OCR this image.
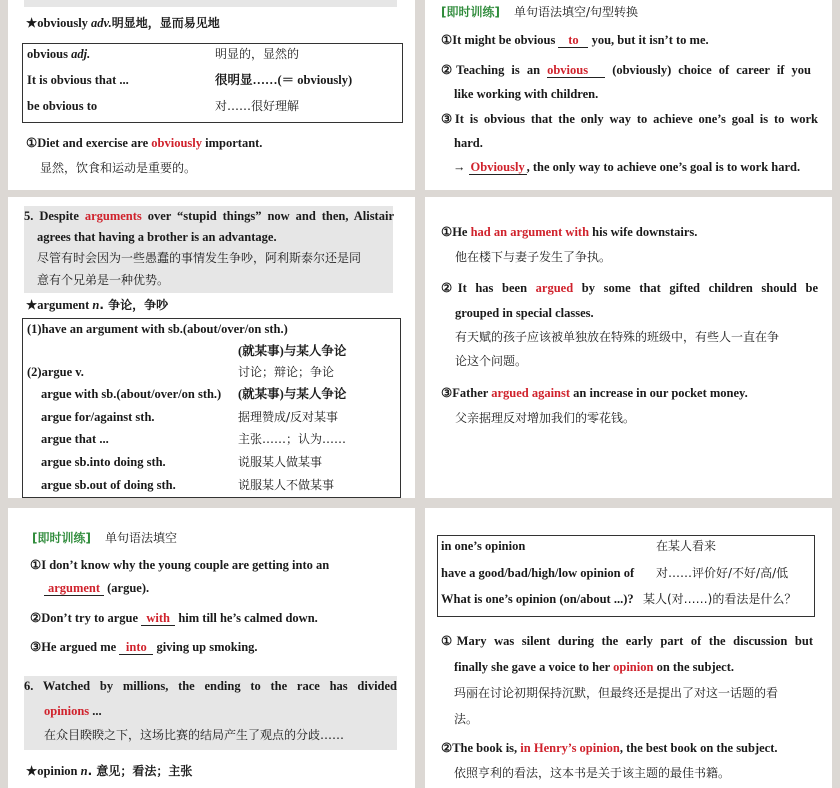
★obviously adv.明显地，显而易见地
obvious adj.	明显的，显然的
It is obvious that ...	很明显……(＝ obviously)
be obvious to	对……很好理解
①Diet and exercise are obviously important.
显然，饮食和运动是重要的。
[即时训练] 单句语法填空/句型转换
①It might be obvious to you, but it isn’t to me.
②Teaching is an obvious (obviously) choice of career if you
like working with children.
③It is obvious that the only way to achieve one’s goal is to work
hard.
→ Obviously , the only way to achieve one’s goal is to work hard.
5. Despite arguments over “stupid things” now and then, Alistair
agrees that having a brother is an advantage.
尽管有时会因为一些愚蠢的事情发生争吵，阿利斯泰尔还是同
意有个兄弟是一种优势。
★argument n. 争论，争吵
(1)have an argument with sb.(about/over/on sth.)
(就某事)与某人争论
(2)argue v.	讨论；辩论；争论
argue with sb.(about/over/on sth.) (就某事)与某人争论
argue for/against sth.	据理赞成/反对某事
argue that ...	主张……；认为……
argue sb.into doing sth.	说服某人做某事
argue sb.out of doing sth.	说服某人不做某事
①He had an argument with his wife downstairs.
他在楼下与妻子发生了争执。
②It has been argued by some that gifted children should be
grouped in special classes.
有天赋的孩子应该被单独放在特殊的班级中，有些人一直在争
论这个问题。
③Father argued against an increase in our pocket money.
父亲据理反对增加我们的零花钱。
[即时训练] 单句语法填空
①I don’t know why the young couple are getting into an
argument (argue).
②Don’t try to argue with him till he’s calmed down.
③He argued me into giving up smoking.
6. Watched by millions, the ending to the race has divided
opinions ...
在众目睽睽之下，这场比赛的结局产生了观点的分歧……
★opinion n. 意见；看法；主张
in one’s opinion	在某人看来
have a good/bad/high/low opinion of 对……评价好/不好/高/低
What is one’s opinion (on/about ...)? 某人(对……)的看法是什么？
①Mary was silent during the early part of the discussion but
finally she gave a voice to her opinion on the subject.
玛丽在讨论初期保持沉默，但最终还是提出了对这一话题的看
法。
②The book is, in Henry’s opinion, the best book on the subject.
依照亨利的看法，这本书是关于该主题的最佳书籍。
